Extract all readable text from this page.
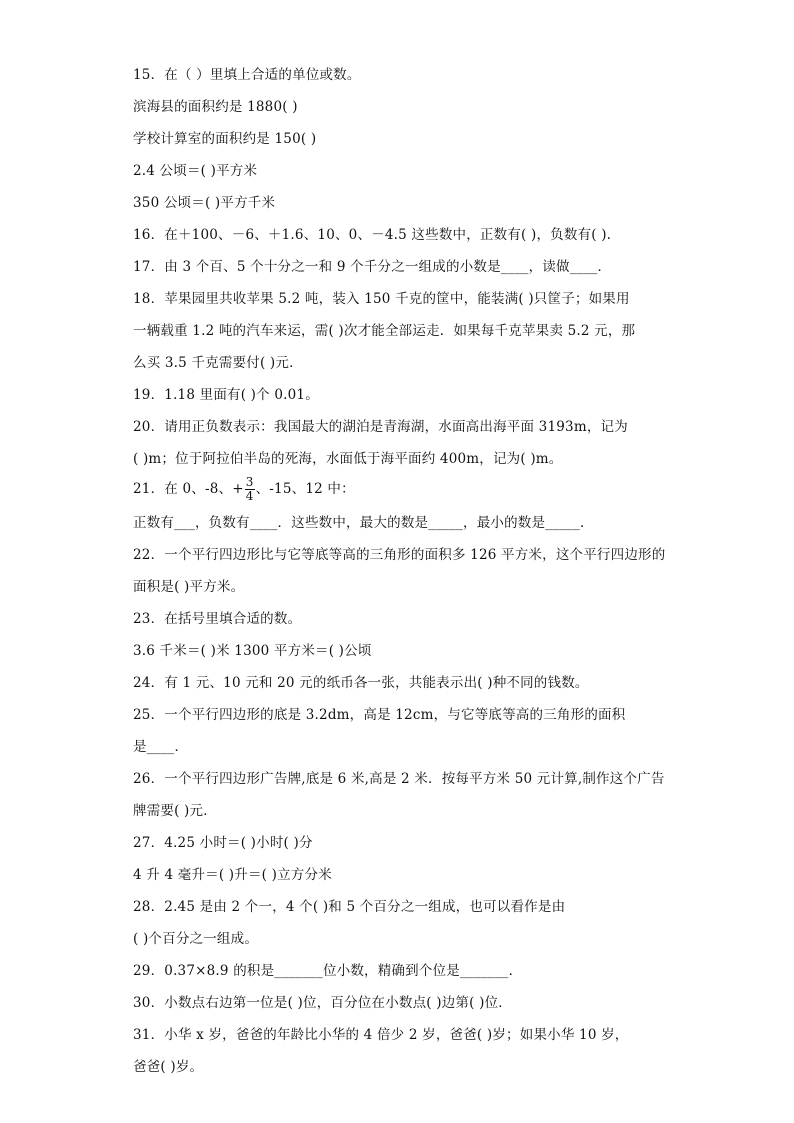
15．在（ ）里填上合适的单位或数。
滨海县的面积约是 1880( )
学校计算室的面积约是 150( )
2.4 公顷＝( )平方米
350 公顷＝( )平方千米
16．在＋100、－6、＋1.6、10、0、－4.5 这些数中，正数有( )，负数有( ).
17．由 3 个百、5 个十分之一和 9 个千分之一组成的小数是____，读做____．
18．苹果园里共收苹果 5.2 吨，装入 150 千克的筐中，能装满( )只筐子；如果用
一辆载重 1.2 吨的汽车来运，需( )次才能全部运走．如果每千克苹果卖 5.2 元，那
么买 3.5 千克需要付( )元．
19．1.18 里面有( )个 0.01。
20．请用正负数表示：我国最大的湖泊是青海湖，水面高出海平面 3193m，记为
( )m；位于阿拉伯半岛的死海，水面低于海平面约 400m，记为( )m。
21．在 0、-8、+ $\frac{3}{4}$ 、-15、12 中：
正数有___，负数有____．这些数中，最大的数是_____，最小的数是_____．
22．一个平行四边形比与它等底等高的三角形的面积多 126 平方米，这个平行四边形的
面积是( )平方米。
23．在括号里填合适的数。
3.6 千米＝( )米 1300 平方米＝( )公顷
24．有 1 元、10 元和 20 元的纸币各一张，共能表示出( )种不同的钱数。
25．一个平行四边形的底是 3.2dm，高是 12cm，与它等底等高的三角形的面积
是____．
26．一个平行四边形广告牌,底是 6 米,高是 2 米．按每平方米 50 元计算,制作这个广告
牌需要( )元．
27．4.25 小时＝( )小时( )分
4 升 4 毫升＝( )升＝( )立方分米
28．2.45 是由 2 个一，4 个( )和 5 个百分之一组成，也可以看作是由
( )个百分之一组成。
29．0.37×8.9 的积是_______位小数，精确到个位是_______．
30．小数点右边第一位是( )位，百分位在小数点( )边第( )位．
31．小华 x 岁，爸爸的年龄比小华的 4 倍少 2 岁，爸爸( )岁；如果小华 10 岁，
爸爸( )岁。
